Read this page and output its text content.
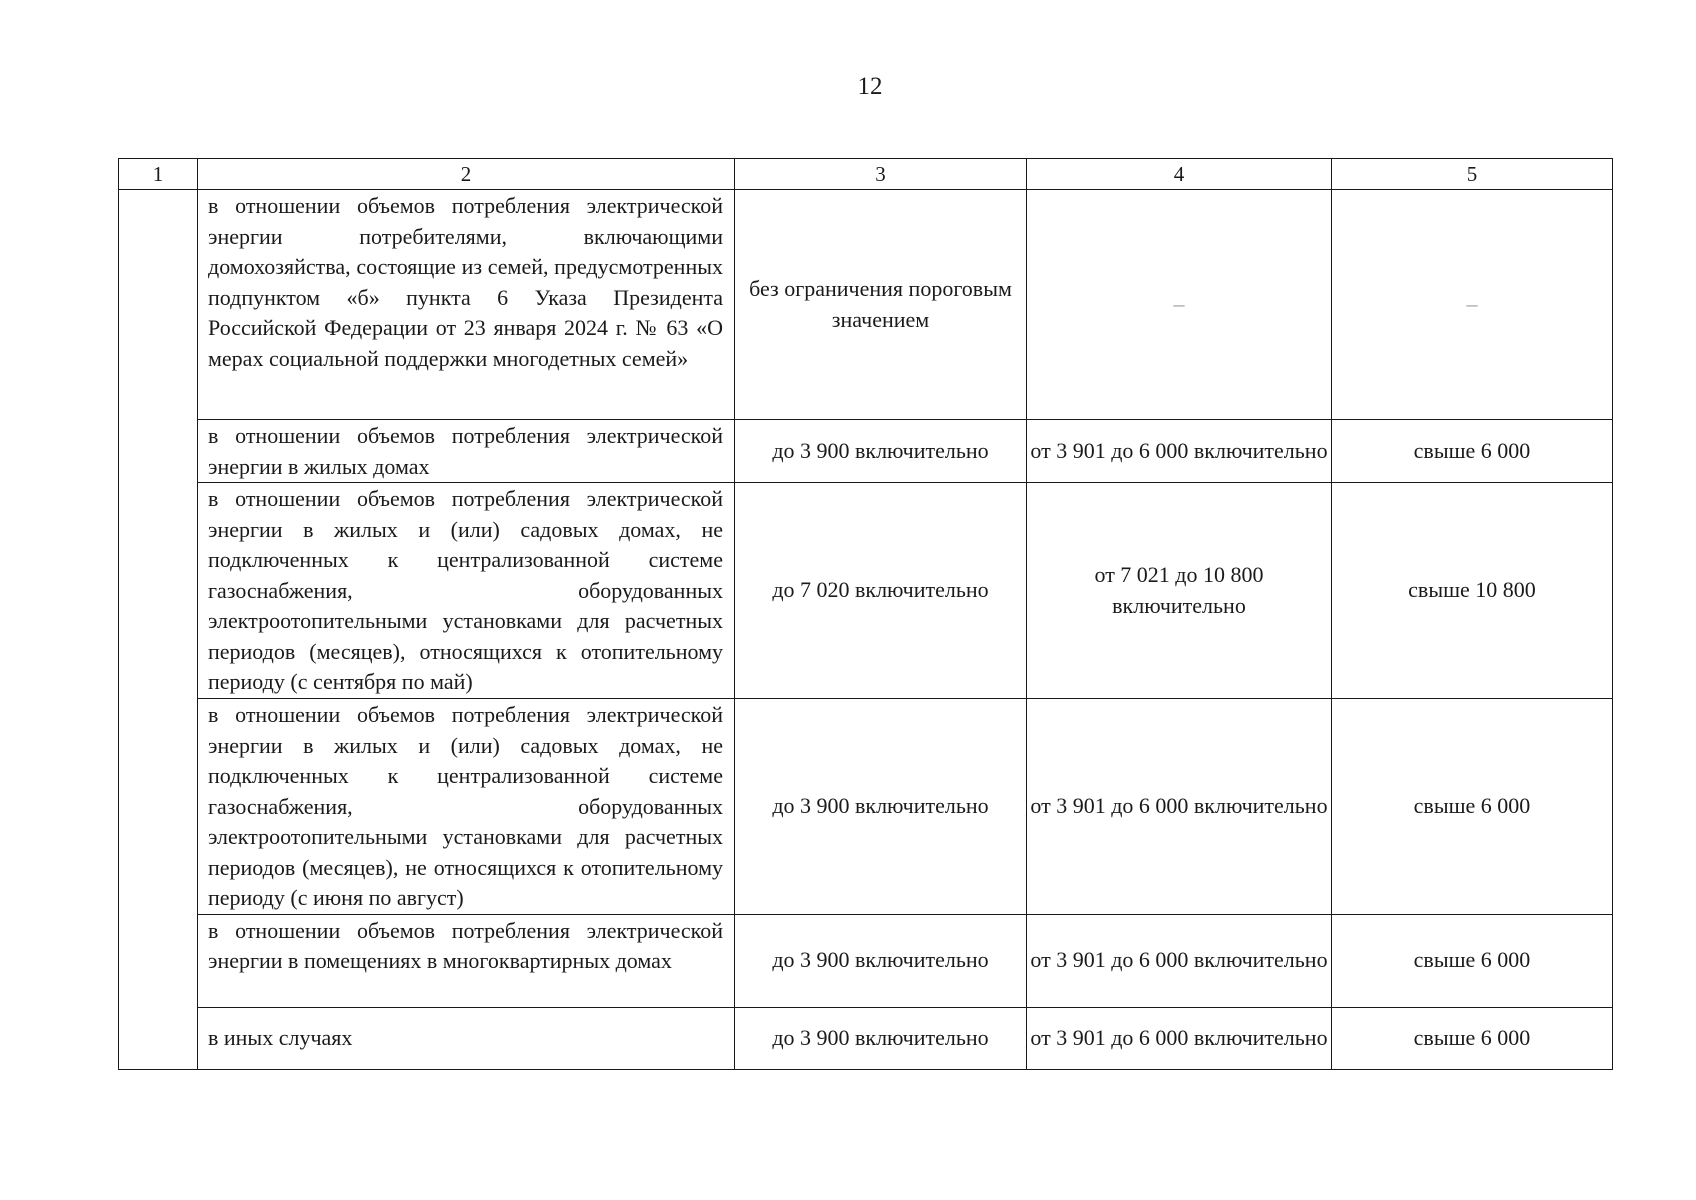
12
1	2	3	4	5
	в отношении объемов потребления электрической энергии потребителями, включающими домохозяйства, состоящие из семей, предусмотренных подпунктом «б» пункта 6 Указа Президента Российской Федерации от 23 января 2024 г. № 63 «О мерах социальной поддержки многодетных семей»	без ограничения пороговым значением	–	–
	в отношении объемов потребления электрической энергии в жилых домах	до 3 900 включительно	от 3 901 до 6 000 включительно	свыше 6 000
	в отношении объемов потребления электрической энергии в жилых и (или) садовых домах, не подключенных к централизованной системе газоснабжения, оборудованных электроотопительными установками для расчетных периодов (месяцев), относящихся к отопительному периоду (с сентября по май)	до 7 020 включительно	от 7 021 до 10 800 включительно	свыше 10 800
	в отношении объемов потребления электрической энергии в жилых и (или) садовых домах, не подключенных к централизованной системе газоснабжения, оборудованных электроотопительными установками для расчетных периодов (месяцев), не относящихся к отопительному периоду (с июня по август)	до 3 900 включительно	от 3 901 до 6 000 включительно	свыше 6 000
	в отношении объемов потребления электрической энергии в помещениях в многоквартирных домах	до 3 900 включительно	от 3 901 до 6 000 включительно	свыше 6 000
	в иных случаях	до 3 900 включительно	от 3 901 до 6 000 включительно	свыше 6 000
